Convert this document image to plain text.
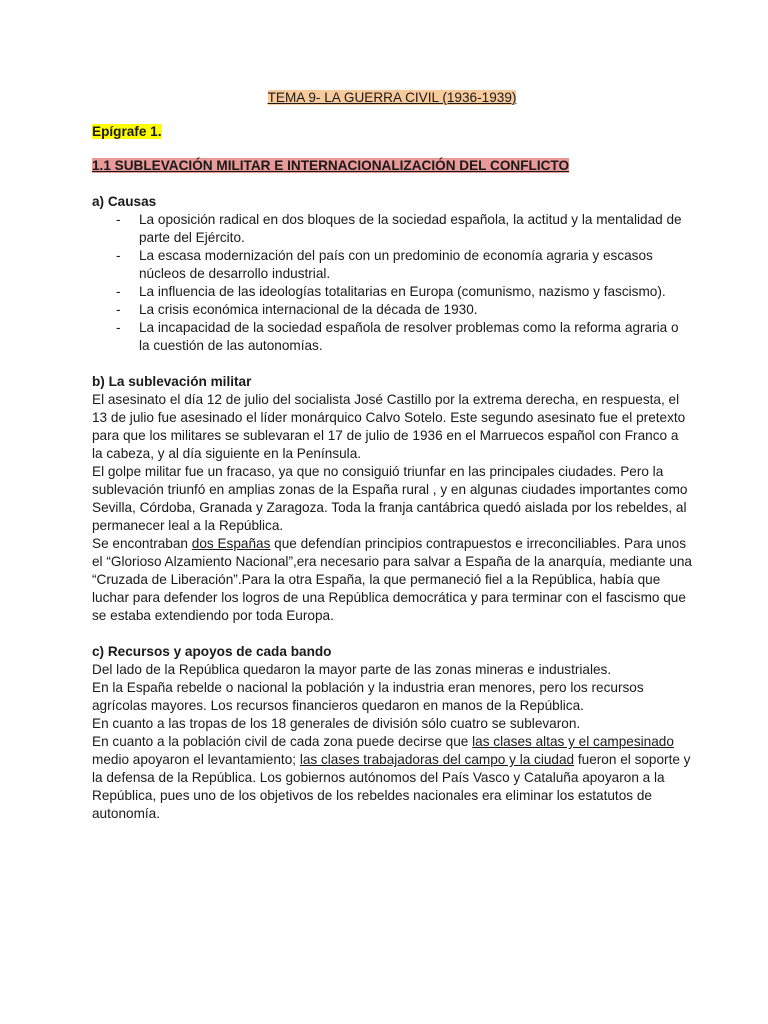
TEMA 9- LA GUERRA CIVIL (1936-1939)
Epígrafe 1.
1.1 SUBLEVACIÓN MILITAR E INTERNACIONALIZACIÓN DEL CONFLICTO

a) Causas

- La oposición radical en dos bloques de la sociedad española, la actitud y la mentalidad de parte del Ejército.
- La escasa modernización del país con un predominio de economía agraria y escasos núcleos de desarrollo industrial.
- La influencia de las ideologías totalitarias en Europa (comunismo, nazismo y fascismo).
- La crisis económica internacional de la década de 1930.
- La incapacidad de la sociedad española de resolver problemas como la reforma agraria o la cuestión de las autonomías.

b) La sublevación militar

El asesinato el día 12 de julio del socialista José Castillo por la extrema derecha, en respuesta, el 13 de julio fue asesinado el líder monárquico Calvo Sotelo. Este segundo asesinato fue el pretexto para que los militares se sublevaran el 17 de julio de 1936 en el Marruecos español con Franco a la cabeza, y al día siguiente en la Península.

El golpe militar fue un fracaso, ya que no consiguió triunfar en las principales ciudades. Pero la sublevación triunfó en amplias zonas de la España rural , y en algunas ciudades importantes como Sevilla, Córdoba, Granada y Zaragoza. Toda la franja cantábrica quedó aislada por los rebeldes, al permanecer leal a la República.

Se encontraban dos Españas que defendían principios contrapuestos e irreconciliables. Para unos el “Glorioso Alzamiento Nacional”,era necesario para salvar a España de la anarquía, mediante una “Cruzada de Liberación”.Para la otra España, la que permaneció fiel a la República, había que luchar para defender los logros de una República democrática y para terminar con el fascismo que se estaba extendiendo por toda Europa.

c) Recursos y apoyos de cada bando

Del lado de la República quedaron la mayor parte de las zonas mineras e industriales.

En la España rebelde o nacional la población y la industria eran menores, pero los recursos agrícolas mayores. Los recursos financieros quedaron en manos de la República.

En cuanto a las tropas de los 18 generales de división sólo cuatro se sublevaron.

En cuanto a la población civil de cada zona puede decirse que las clases altas y el campesinado medio apoyaron el levantamiento; las clases trabajadoras del campo y la ciudad fueron el soporte y la defensa de la República. Los gobiernos autónomos del País Vasco y Cataluña apoyaron a la República, pues uno de los objetivos de los rebeldes nacionales era eliminar los estatutos de autonomía.
